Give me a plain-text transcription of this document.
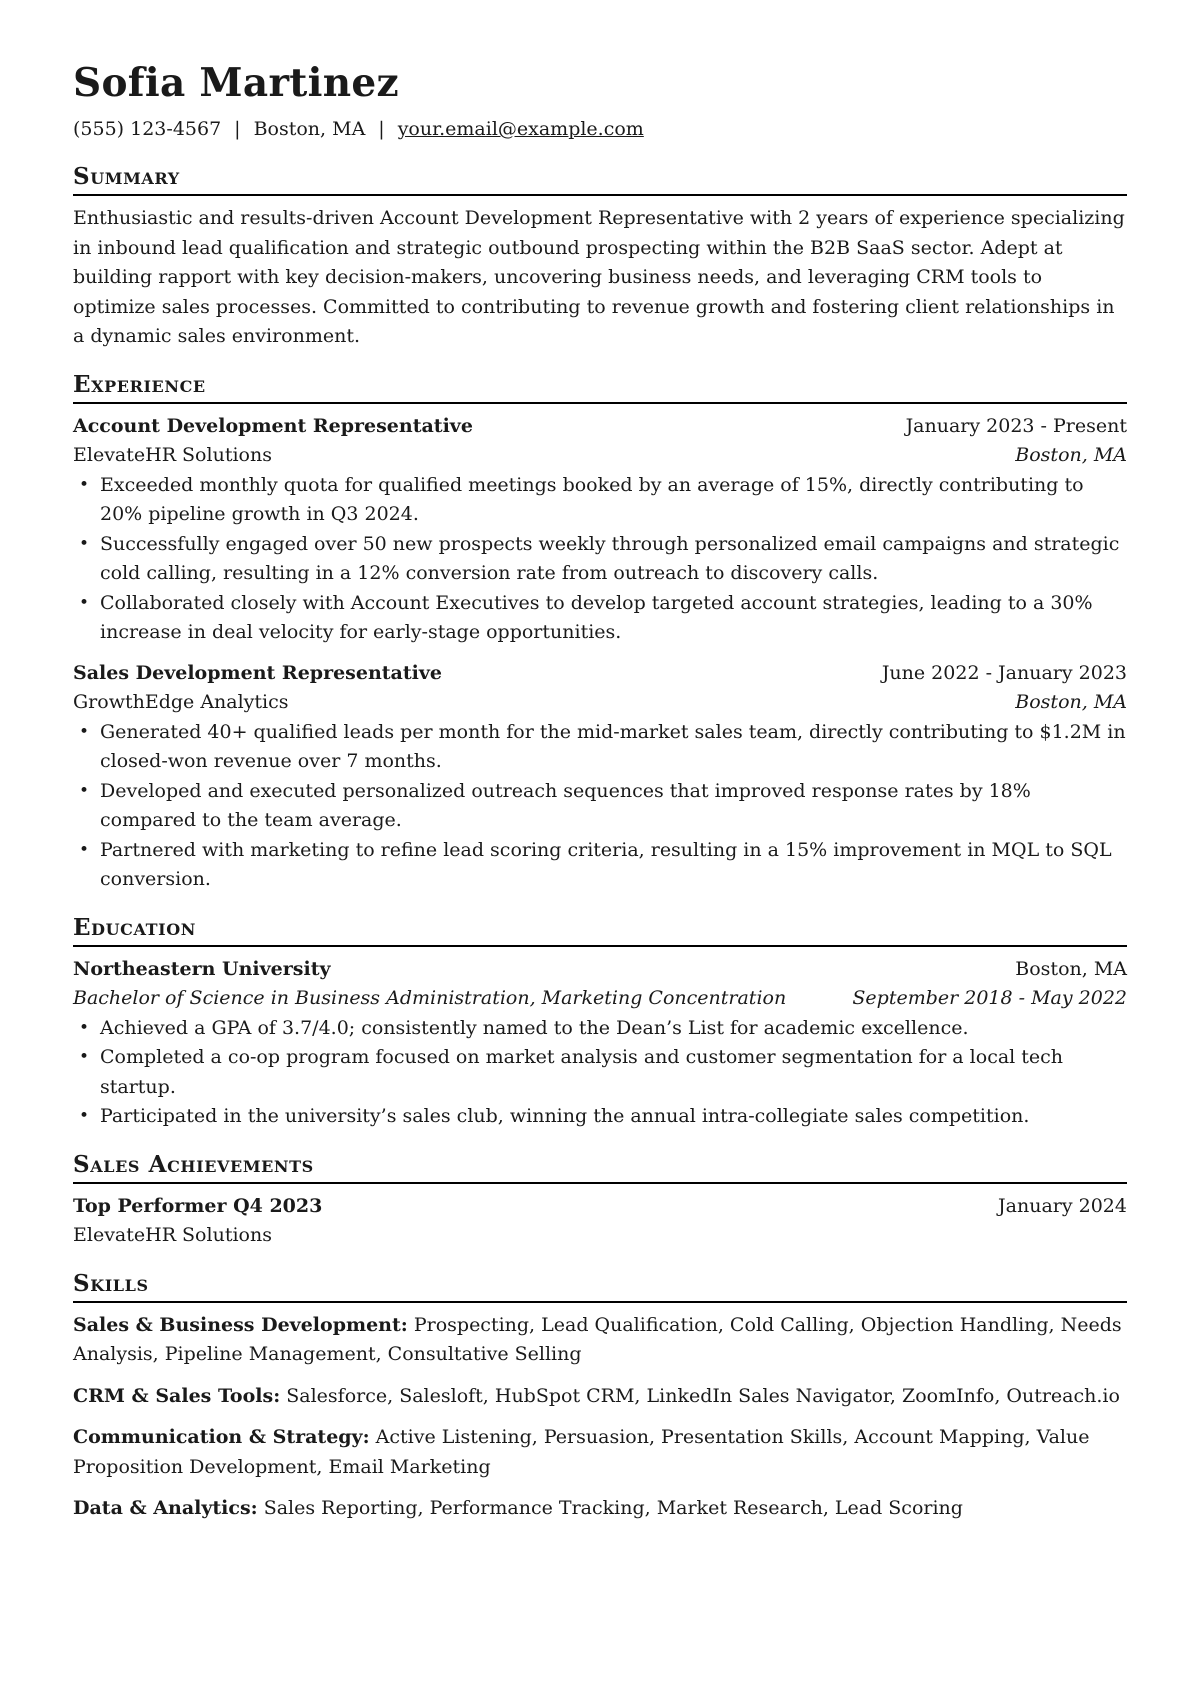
Sofia Martinez
(555) 123-4567 | Boston, MA | your.email@example.com
Summary

Enthusiastic and results-driven Account Development Representative with 2 years of experience specializing in inbound lead qualification and strategic outbound prospecting within the B2B SaaS sector. Adept at building rapport with key decision-makers, uncovering business needs, and leveraging CRM tools to optimize sales processes. Committed to contributing to revenue growth and fostering client relationships in a dynamic sales environment.

Experience
Account Development Representative	January 2023 - Present
ElevateHR Solutions	Boston, MA
• Exceeded monthly quota for qualified meetings booked by an average of 15%, directly contributing to 20% pipeline growth in Q3 2024.
• Successfully engaged over 50 new prospects weekly through personalized email campaigns and strategic cold calling, resulting in a 12% conversion rate from outreach to discovery calls.
• Collaborated closely with Account Executives to develop targeted account strategies, leading to a 30% increase in deal velocity for early-stage opportunities.
Sales Development Representative	June 2022 - January 2023
GrowthEdge Analytics	Boston, MA
• Generated 40+ qualified leads per month for the mid-market sales team, directly contributing to $1.2M in closed-won revenue over 7 months.
• Developed and executed personalized outreach sequences that improved response rates by 18% compared to the team average.
• Partnered with marketing to refine lead scoring criteria, resulting in a 15% improvement in MQL to SQL conversion.
Education
Northeastern University	Boston, MA
Bachelor of Science in Business Administration, Marketing Concentration	September 2018 - May 2022
• Achieved a GPA of 3.7/4.0; consistently named to the Dean’s List for academic excellence.
• Completed a co-op program focused on market analysis and customer segmentation for a local tech startup.
• Participated in the university’s sales club, winning the annual intra-collegiate sales competition.
Sales Achievements
Top Performer Q4 2023	January 2024
ElevateHR Solutions
Skills
Sales & Business Development: Prospecting, Lead Qualification, Cold Calling, Objection Handling, Needs Analysis, Pipeline Management, Consultative Selling
CRM & Sales Tools: Salesforce, Salesloft, HubSpot CRM, LinkedIn Sales Navigator, ZoomInfo, Outreach.io
Communication & Strategy: Active Listening, Persuasion, Presentation Skills, Account Mapping, Value Proposition Development, Email Marketing
Data & Analytics: Sales Reporting, Performance Tracking, Market Research, Lead Scoring
